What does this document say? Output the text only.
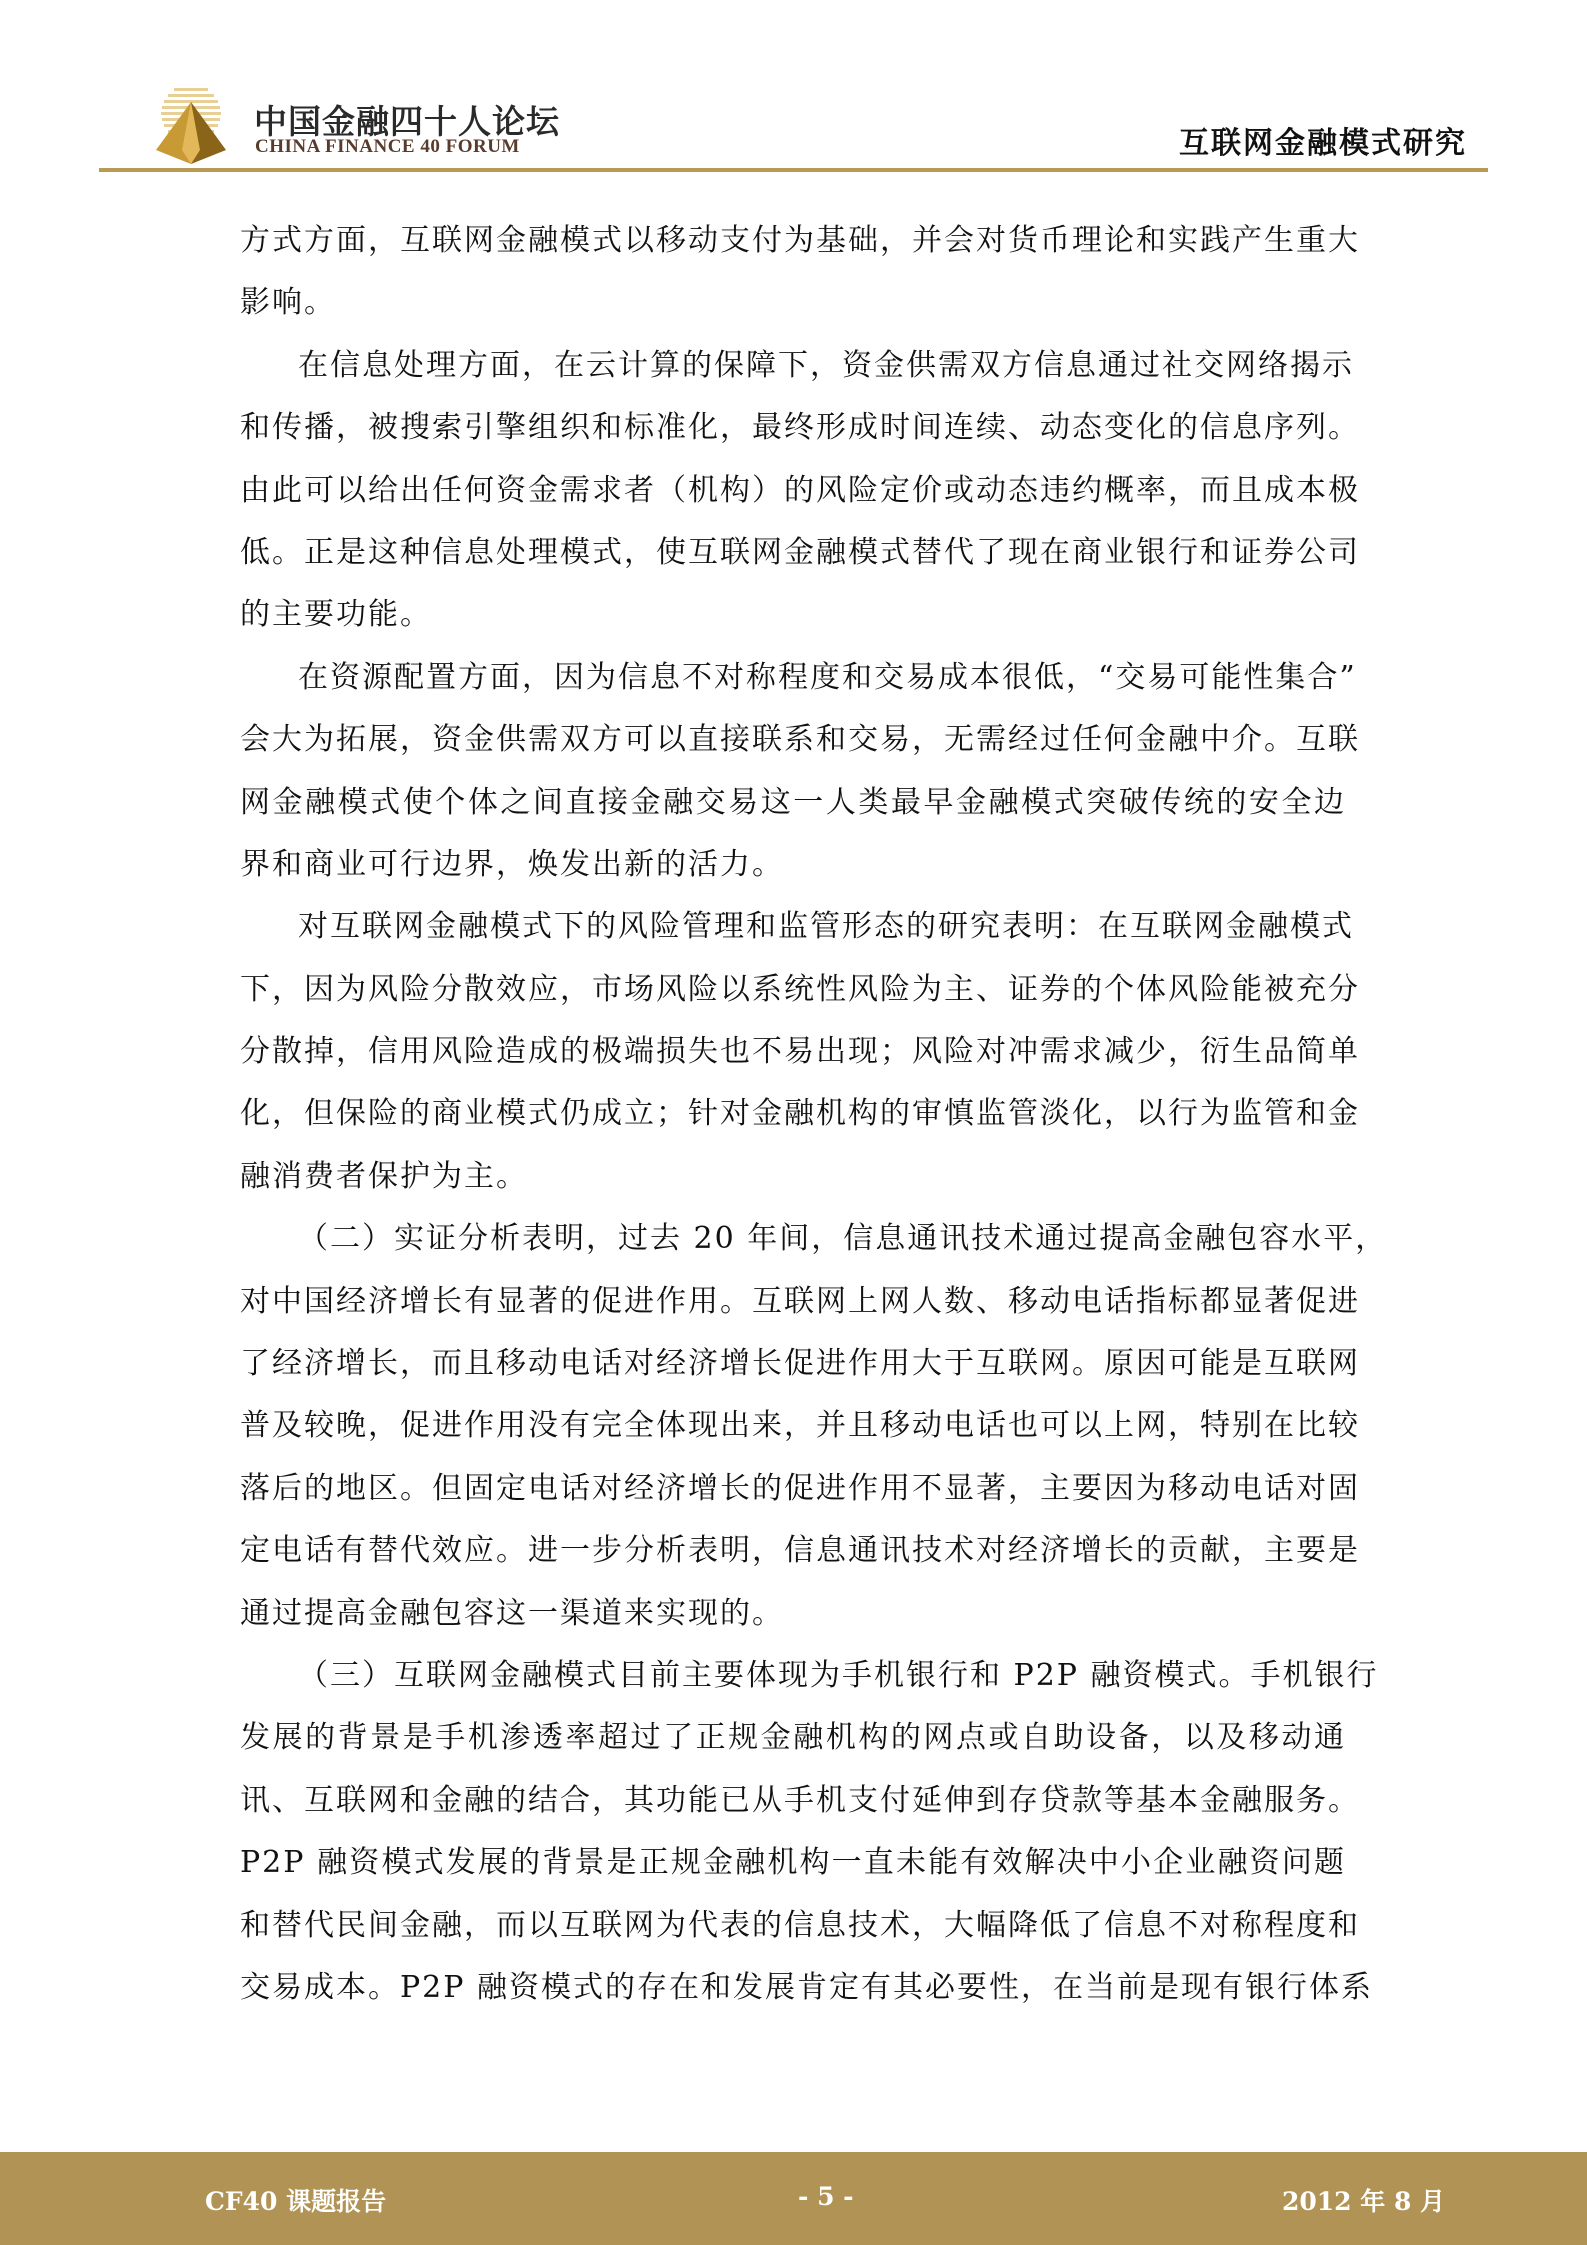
中国金融四十人论坛
CHINA FINANCE 40 FORUM	互联网金融模式研究
方式方面，互联网金融模式以移动支付为基础，并会对货币理论和实践产生重大
影响。
在信息处理方面，在云计算的保障下，资金供需双方信息通过社交网络揭示
和传播，被搜索引擎组织和标准化，最终形成时间连续、动态变化的信息序列。
由此可以给出任何资金需求者（机构）的风险定价或动态违约概率，而且成本极
低。正是这种信息处理模式，使互联网金融模式替代了现在商业银行和证券公司
的主要功能。
在资源配置方面，因为信息不对称程度和交易成本很低，“交易可能性集合”
会大为拓展，资金供需双方可以直接联系和交易，无需经过任何金融中介。互联
网金融模式使个体之间直接金融交易这一人类最早金融模式突破传统的安全边
界和商业可行边界，焕发出新的活力。
对互联网金融模式下的风险管理和监管形态的研究表明：在互联网金融模式
下，因为风险分散效应，市场风险以系统性风险为主、证券的个体风险能被充分
分散掉，信用风险造成的极端损失也不易出现；风险对冲需求减少，衍生品简单
化，但保险的商业模式仍成立；针对金融机构的审慎监管淡化，以行为监管和金
融消费者保护为主。
（二）实证分析表明，过去 20 年间，信息通讯技术通过提高金融包容水平，
对中国经济增长有显著的促进作用。互联网上网人数、移动电话指标都显著促进
了经济增长，而且移动电话对经济增长促进作用大于互联网。原因可能是互联网
普及较晚，促进作用没有完全体现出来，并且移动电话也可以上网，特别在比较
落后的地区。但固定电话对经济增长的促进作用不显著，主要因为移动电话对固
定电话有替代效应。进一步分析表明，信息通讯技术对经济增长的贡献，主要是
通过提高金融包容这一渠道来实现的。
（三）互联网金融模式目前主要体现为手机银行和 P2P 融资模式。手机银行
发展的背景是手机渗透率超过了正规金融机构的网点或自助设备，以及移动通
讯、互联网和金融的结合，其功能已从手机支付延伸到存贷款等基本金融服务。
P2P 融资模式发展的背景是正规金融机构一直未能有效解决中小企业融资问题
和替代民间金融，而以互联网为代表的信息技术，大幅降低了信息不对称程度和
交易成本。P2P 融资模式的存在和发展肯定有其必要性，在当前是现有银行体系
CF40 课题报告	- 5 -	2012 年 8 月
